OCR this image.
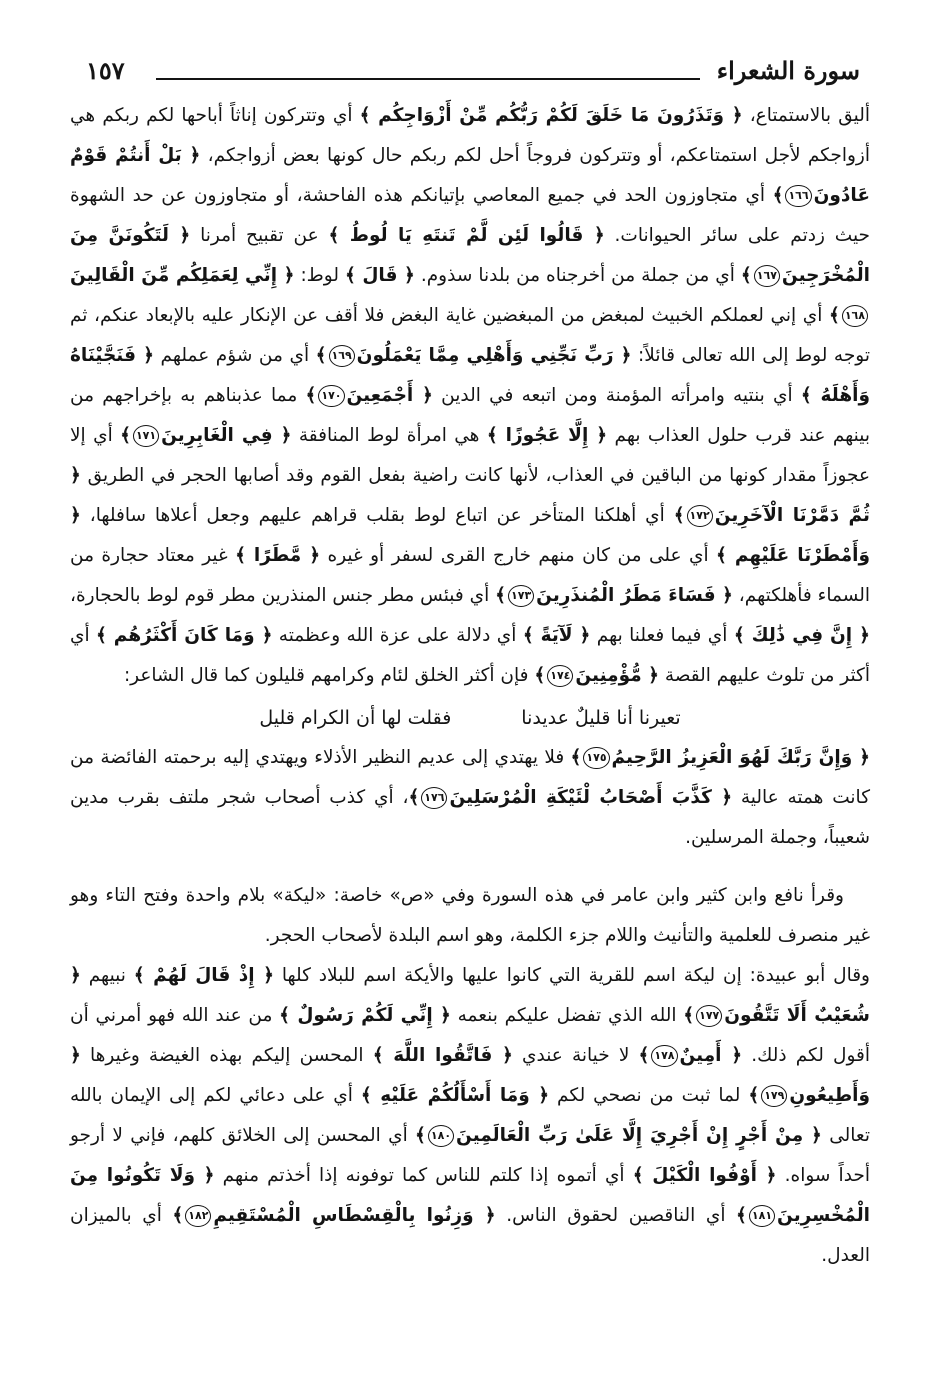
سورة الشعراء
١٥٧

أليق بالاستمتاع، ﴿ وَتَذَرُونَ مَا خَلَقَ لَكُمْ رَبُّكُم مِّنْ أَزْوَاجِكُم ﴾ أي وتتركون إناثاً أباحها لكم ربكم هي أزواجكم لأجل استمتاعكم، أو وتتركون فروجاً أحل لكم ربكم حال كونها بعض أزواجكم، ﴿ بَلْ أَنتُمْ قَوْمٌ عَادُونَ١٦٦﴾ أي متجاوزون الحد في جميع المعاصي بإتيانكم هذه الفاحشة، أو متجاوزون عن حد الشهوة حيث زدتم على سائر الحيوانات. ﴿ قَالُوا لَئِن لَّمْ تَنتَهِ يَا لُوطُ ﴾ عن تقبيح أمرنا ﴿ لَتَكُونَنَّ مِنَ الْمُخْرَجِينَ١٦٧﴾ أي من جملة من أخرجناه من بلدنا سذوم. ﴿ قَالَ ﴾ لوط: ﴿ إِنِّي لِعَمَلِكُم مِّنَ الْقَالِينَ١٦٨﴾ أي إني لعملكم الخبيث لمبغض من المبغضين غاية البغض فلا أقف عن الإنكار عليه بالإبعاد عنكم، ثم توجه لوط إلى الله تعالى قائلاً: ﴿ رَبِّ نَجِّنِي وَأَهْلِي مِمَّا يَعْمَلُونَ١٦٩﴾ أي من شؤم عملهم ﴿ فَنَجَّيْنَاهُ وَأَهْلَهُ ﴾ أي بنتيه وامرأته المؤمنة ومن اتبعه في الدين ﴿ أَجْمَعِينَ١٧٠﴾ مما عذبناهم به بإخراجهم من بينهم عند قرب حلول العذاب بهم ﴿ إِلَّا عَجُوزًا ﴾ هي امرأة لوط المنافقة ﴿ فِي الْغَابِرِينَ١٧١﴾ أي إلا عجوزاً مقدار كونها من الباقين في العذاب، لأنها كانت راضية بفعل القوم وقد أصابها الحجر في الطريق ﴿ ثُمَّ دَمَّرْنَا الْآخَرِينَ١٧٢﴾ أي أهلكنا المتأخر عن اتباع لوط بقلب قراهم عليهم وجعل أعلاها سافلها، ﴿ وَأَمْطَرْنَا عَلَيْهِم ﴾ أي على من كان منهم خارج القرى لسفر أو غيره ﴿ مَّطَرًا ﴾ غير معتاد حجارة من السماء فأهلكتهم، ﴿ فَسَاءَ مَطَرُ الْمُنذَرِينَ١٧٣﴾ أي فبئس مطر جنس المنذرين مطر قوم لوط بالحجارة، ﴿ إِنَّ فِي ذَٰلِكَ ﴾ أي فيما فعلنا بهم ﴿ لَآيَةً ﴾ أي دلالة على عزة الله وعظمته ﴿ وَمَا كَانَ أَكْثَرُهُم ﴾ أي أكثر من تلوث عليهم القصة ﴿ مُّؤْمِنِينَ١٧٤﴾ فإن أكثر الخلق لئام وكرامهم قليلون كما قال الشاعر:

تعيرنا أنا قليلٌ عديدنا
فقلت لها أن الكرام قليل

﴿ وَإِنَّ رَبَّكَ لَهُوَ الْعَزِيزُ الرَّحِيمُ١٧٥﴾ فلا يهتدي إلى عديم النظير الأذلاء ويهتدي إليه برحمته الفائضة من كانت همته عالية ﴿ كَذَّبَ أَصْحَابُ لْئَيْكَةِ الْمُرْسَلِينَ١٧٦﴾، أي كذب أصحاب شجر ملتف بقرب مدين شعيباً، وجملة المرسلين.

وقرأ نافع وابن كثير وابن عامر في هذه السورة وفي «ص» خاصة: «ليكة» بلام واحدة وفتح التاء وهو غير منصرف للعلمية والتأنيث واللام جزء الكلمة، وهو اسم البلدة لأصحاب الحجر.

وقال أبو عبيدة: إن ليكة اسم للقرية التي كانوا عليها والأيكة اسم للبلاد كلها ﴿ إِذْ قَالَ لَهُمْ ﴾ نبيهم ﴿ شُعَيْبٌ أَلَا تَتَّقُونَ١٧٧﴾ الله الذي تفضل عليكم بنعمه ﴿ إِنِّي لَكُمْ رَسُولٌ ﴾ من عند الله فهو أمرني أن أقول لكم ذلك. ﴿ أَمِينٌ١٧٨﴾ لا خيانة عندي ﴿ فَاتَّقُوا اللَّهَ ﴾ المحسن إليكم بهذه الغيضة وغيرها ﴿ وَأَطِيعُونِ١٧٩﴾ لما ثبت من نصحي لكم ﴿ وَمَا أَسْأَلُكُمْ عَلَيْهِ ﴾ أي على دعائي لكم إلى الإيمان بالله تعالى ﴿ مِنْ أَجْرٍ إِنْ أَجْرِيَ إِلَّا عَلَىٰ رَبِّ الْعَالَمِينَ١٨٠﴾ أي المحسن إلى الخلائق كلهم، فإني لا أرجو أحداً سواه. ﴿ أَوْفُوا الْكَيْلَ ﴾ أي أتموه إذا كلتم للناس كما توفونه إذا أخذتم منهم ﴿ وَلَا تَكُونُوا مِنَ الْمُخْسِرِينَ١٨١﴾ أي الناقصين لحقوق الناس. ﴿ وَزِنُوا بِالْقِسْطَاسِ الْمُسْتَقِيمِ١٨٢﴾ أي بالميزان العدل.
